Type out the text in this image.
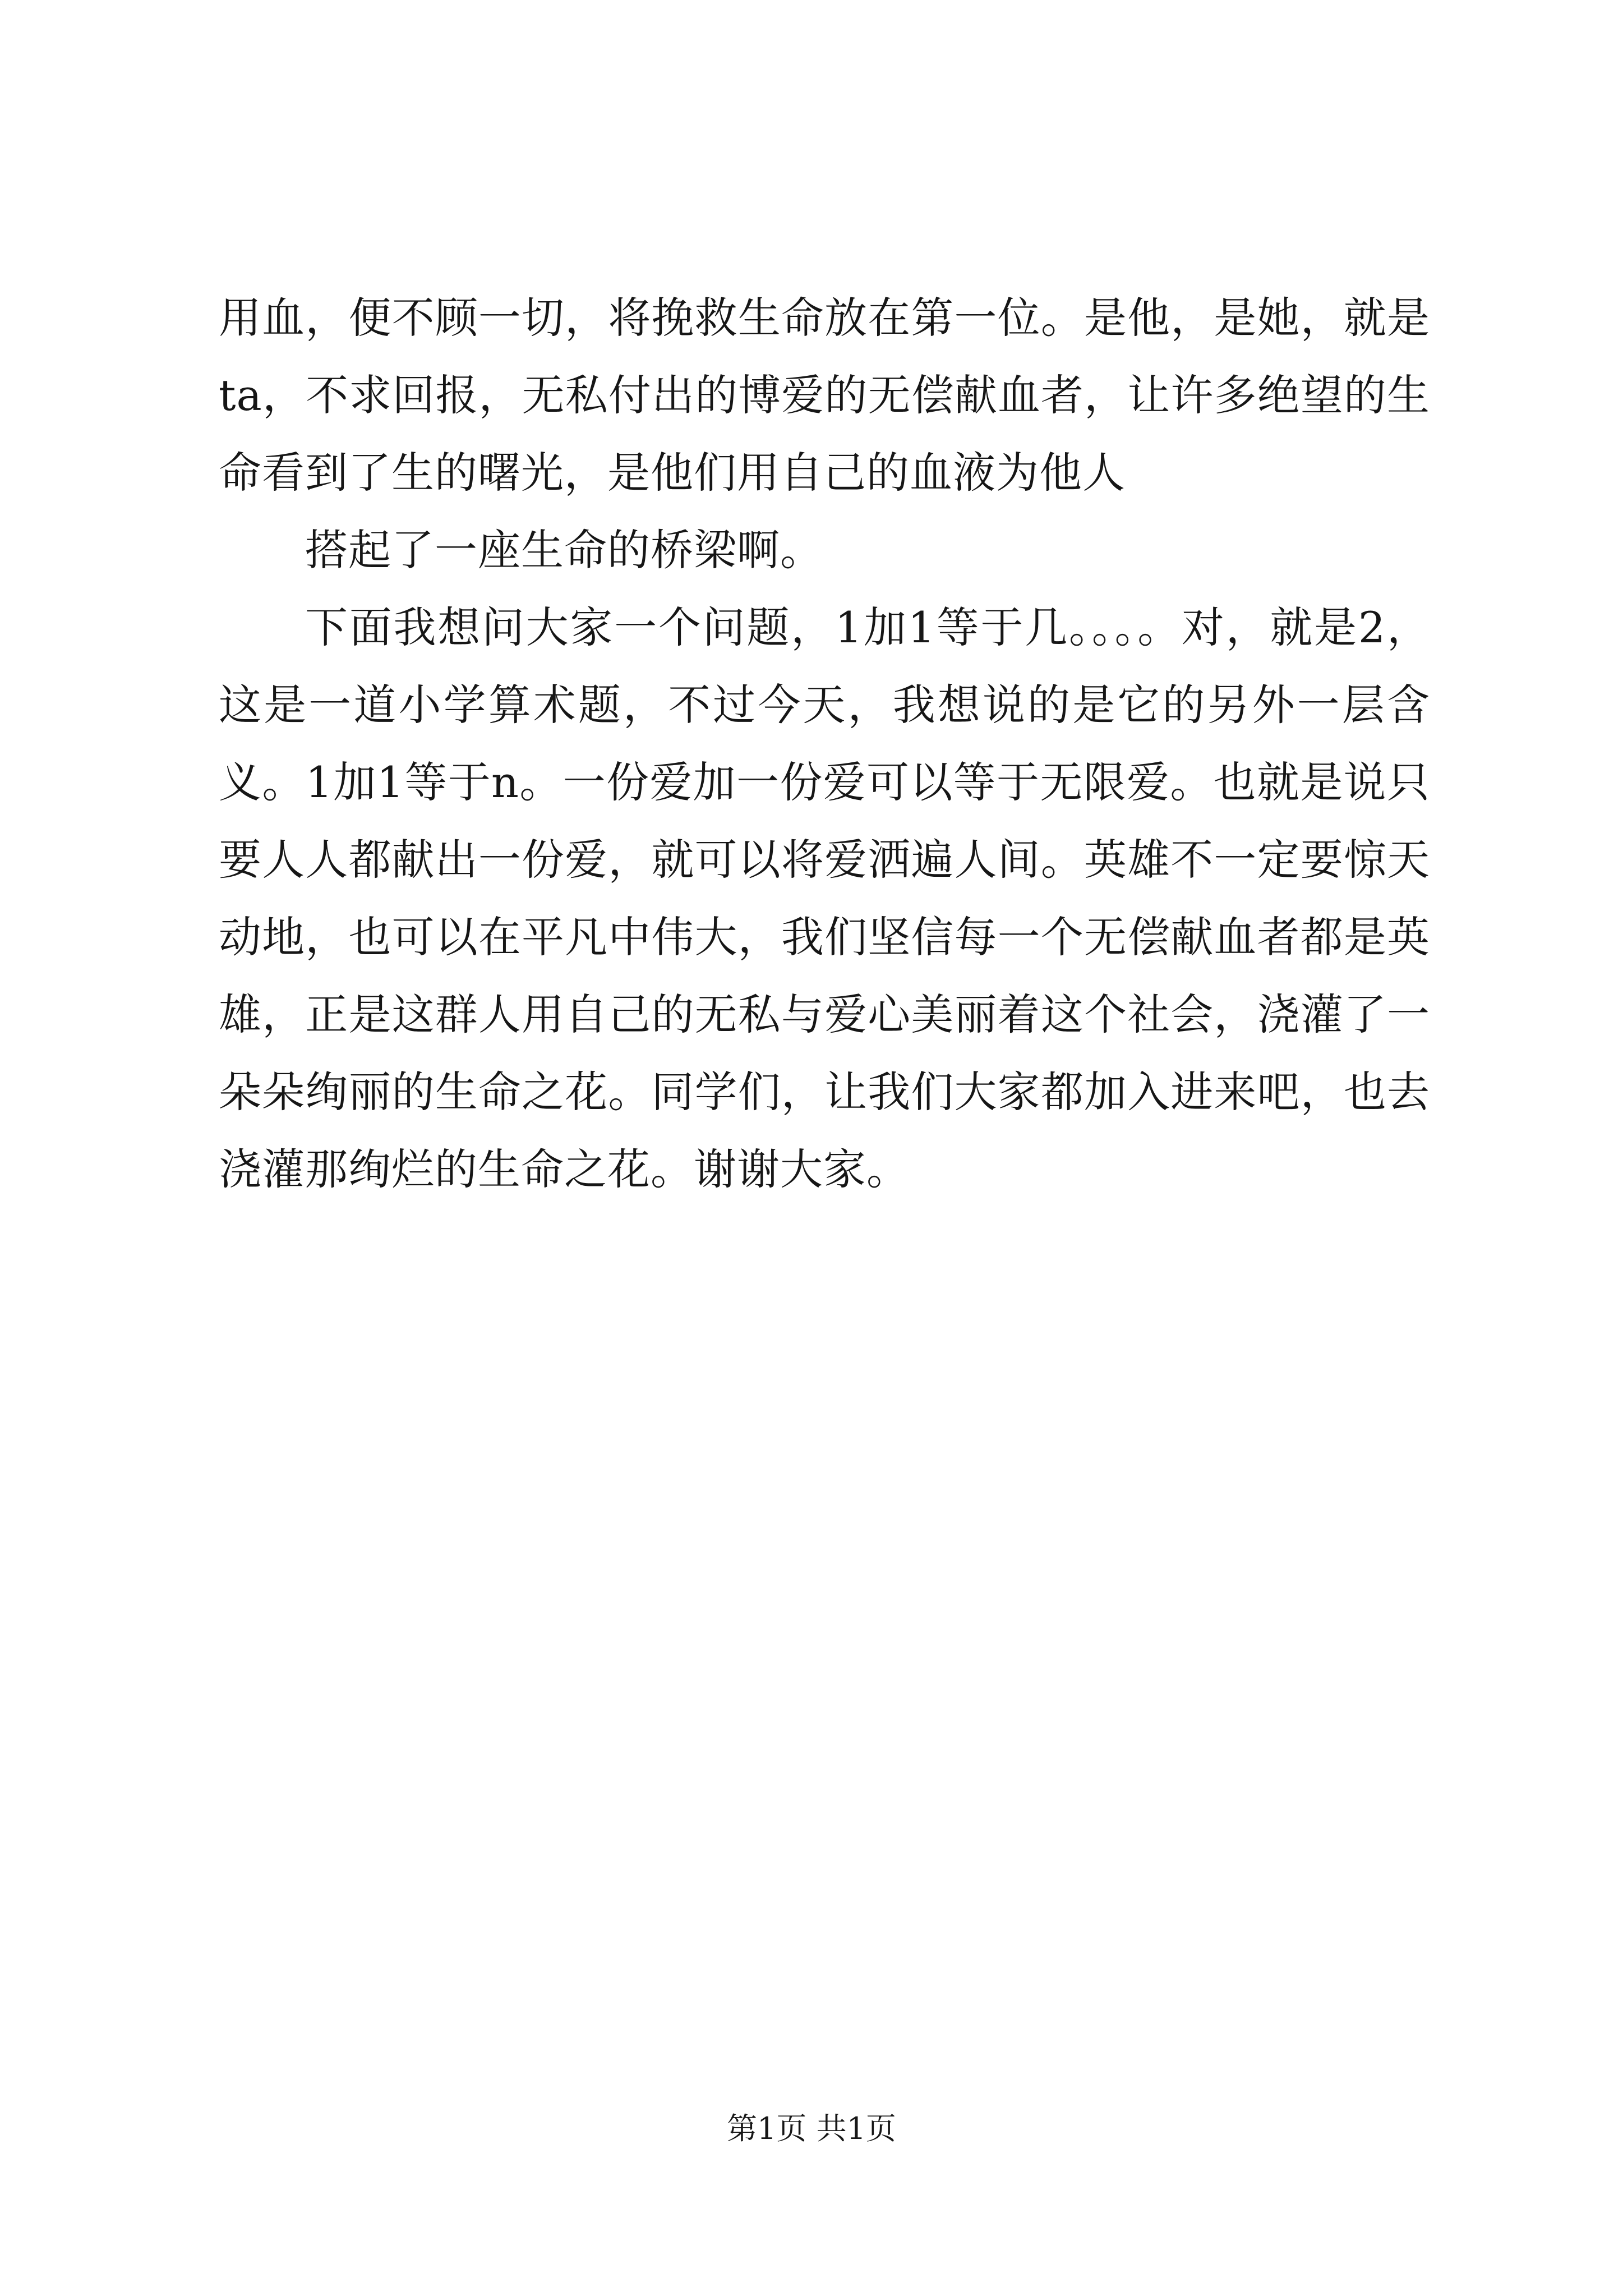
用血，便不顾一切，将挽救生命放在第一位。是他，是她，就是ta，不求回报，无私付出的博爱的无偿献血者，让许多绝望的生命看到了生的曙光，是他们用自己的血液为他人

搭起了一座生命的桥梁啊。

下面我想问大家一个问题，1加1等于几。。。。对，就是2，这是一道小学算术题，不过今天，我想说的是它的另外一层含义。1加1等于n。一份爱加一份爱可以等于无限爱。也就是说只要人人都献出一份爱，就可以将爱洒遍人间。英雄不一定要惊天动地，也可以在平凡中伟大，我们坚信每一个无偿献血者都是英雄，正是这群人用自己的无私与爱心美丽着这个社会，浇灌了一朵朵绚丽的生命之花。同学们，让我们大家都加入进来吧，也去浇灌那绚烂的生命之花。谢谢大家。

第1页 共1页
